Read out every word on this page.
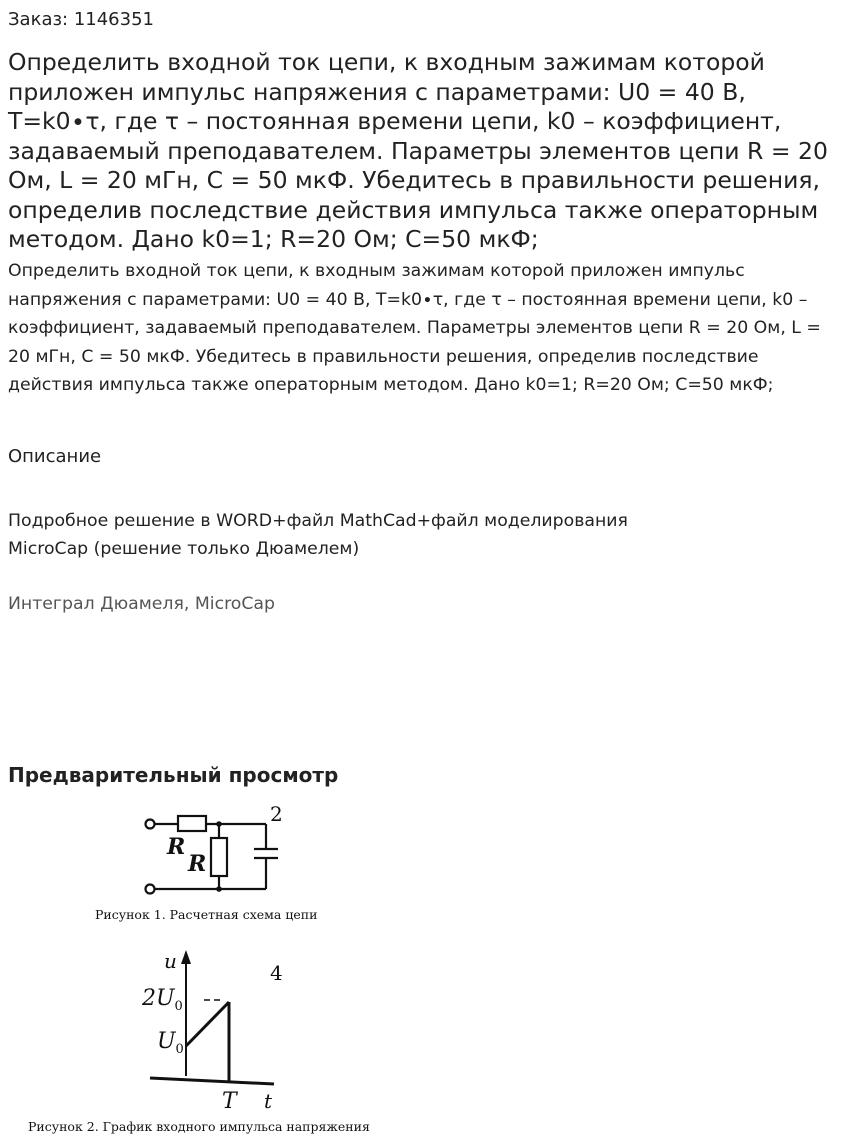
Заказ: 1146351
Определить входной ток цепи, к входным зажимам которой приложен импульс напряжения с параметрами: U0 = 40 В, T=k0∙τ, где τ – постоянная времени цепи, k0 – коэффициент, задаваемый преподавателем. Параметры элементов цепи R = 20 Ом, L = 20 мГн, C = 50 мкФ. Убедитесь в правильности решения, определив последствие действия импульса также операторным методом. Дано k0=1; R=20 Ом; C=50 мкФ;

Определить входной ток цепи, к входным зажимам которой приложен импульс напряжения с параметрами: U0 = 40 В, T=k0∙τ, где τ – постоянная времени цепи, k0 – коэффициент, задаваемый преподавателем. Параметры элементов цепи R = 20 Ом, L = 20 мГн, C = 50 мкФ. Убедитесь в правильности решения, определив последствие действия импульса также операторным методом. Дано k0=1; R=20 Ом; C=50 мкФ;

Описание
Подробное решение в WORD+файл MathCad+файл моделирования
MicroCap (решение только Дюамелем)
Интеграл Дюамеля, MicroCap
Предварительный просмотр
R
R
2
Рисунок 1. Расчетная схема цепи
u
t
$2U_0$
$U_0$
T
4
Рисунок 2. График входного импульса напряжения
